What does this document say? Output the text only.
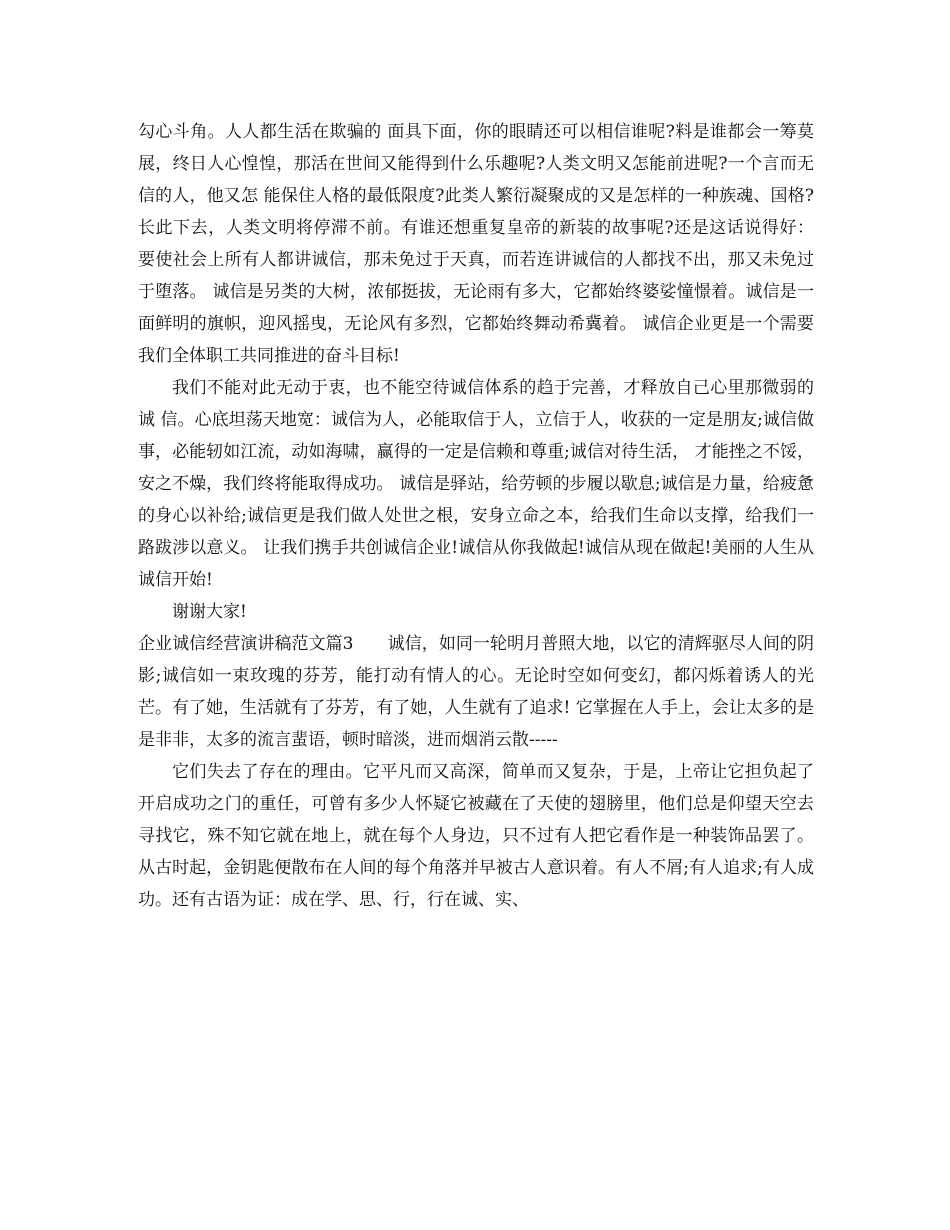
勾心斗角。人人都生活在欺骗的 面具下面，你的眼睛还可以相信谁呢?料是谁都会一筹莫展，终日人心惶惶，那活在世间又能得到什么乐趣呢?人类文明又怎能前进呢?一个言而无信的人，他又怎 能保住人格的最低限度?此类人繁衍凝聚成的又是怎样的一种族魂、国格?长此下去，人类文明将停滞不前。有谁还想重复皇帝的新装的故事呢?还是这话说得好： 要使社会上所有人都讲诚信，那未免过于天真，而若连讲诚信的人都找不出，那又未免过于堕落。 诚信是另类的大树，浓郁挺拔，无论雨有多大，它都始终婆娑憧憬着。诚信是一面鲜明的旗帜，迎风摇曳，无论风有多烈，它都始终舞动希冀着。 诚信企业更是一个需要我们全体职工共同推进的奋斗目标!

我们不能对此无动于衷，也不能空待诚信体系的趋于完善，才释放自己心里那微弱的诚 信。心底坦荡天地宽：诚信为人，必能取信于人，立信于人，收获的一定是朋友;诚信做事，必能轫如江流，动如海啸，赢得的一定是信赖和尊重;诚信对待生活， 才能挫之不馁，安之不燥，我们终将能取得成功。 诚信是驿站，给劳顿的步履以歇息;诚信是力量，给疲惫的身心以补给;诚信更是我们做人处世之根，安身立命之本，给我们生命以支撑，给我们一路跋涉以意义。 让我们携手共创诚信企业!诚信从你我做起!诚信从现在做起!美丽的人生从诚信开始!

谢谢大家!

企业诚信经营演讲稿范文篇3　　诚信，如同一轮明月普照大地，以它的清辉驱尽人间的阴影;诚信如一束玫瑰的芬芳，能打动有情人的心。无论时空如何变幻，都闪烁着诱人的光芒。有了她，生活就有了芬芳，有了她，人生就有了追求! 它掌握在人手上，会让太多的是是非非，太多的流言蜚语，顿时暗淡，进而烟消云散-----

它们失去了存在的理由。它平凡而又高深，简单而又复杂，于是，上帝让它担负起了开启成功之门的重任，可曾有多少人怀疑它被藏在了天使的翅膀里，他们总是仰望天空去寻找它，殊不知它就在地上，就在每个人身边，只不过有人把它看作是一种装饰品罢了。 从古时起，金钥匙便散布在人间的每个角落并早被古人意识着。有人不屑;有人追求;有人成功。还有古语为证：成在学、思、行，行在诚、实、
